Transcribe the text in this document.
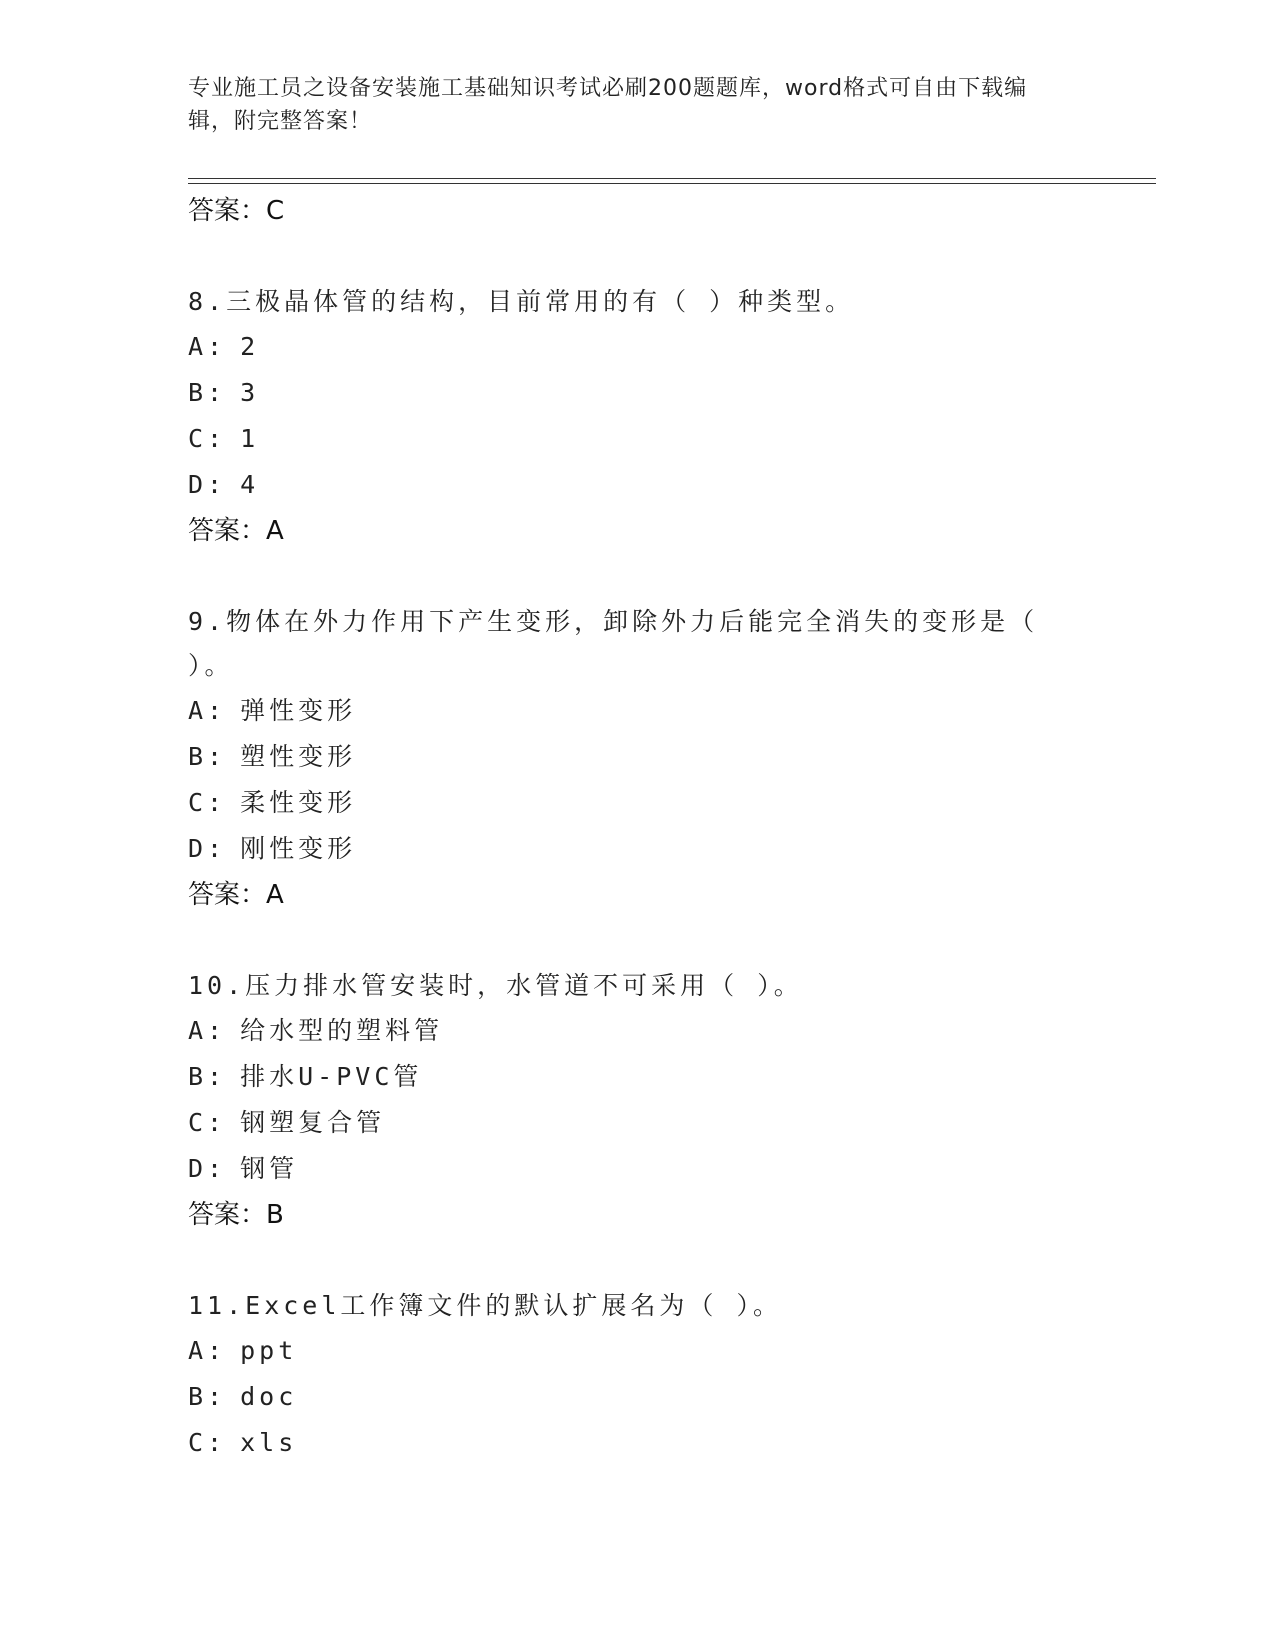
专业施工员之设备安装施工基础知识考试必刷200题题库，word格式可自由下载编辑，附完整答案！
答案：C
8.三极晶体管的结构，目前常用的有（ ）种类型。
A: 2
B: 3
C: 1
D: 4
答案：A
9.物体在外力作用下产生变形，卸除外力后能完全消失的变形是（ ）。
A: 弹性变形
B: 塑性变形
C: 柔性变形
D: 刚性变形
答案：A
10.压力排水管安装时，水管道不可采用（ ）。
A: 给水型的塑料管
B: 排水U-PVC管
C: 钢塑复合管
D: 钢管
答案：B
11.Excel工作簿文件的默认扩展名为（ ）。
A: ppt
B: doc
C: xls
